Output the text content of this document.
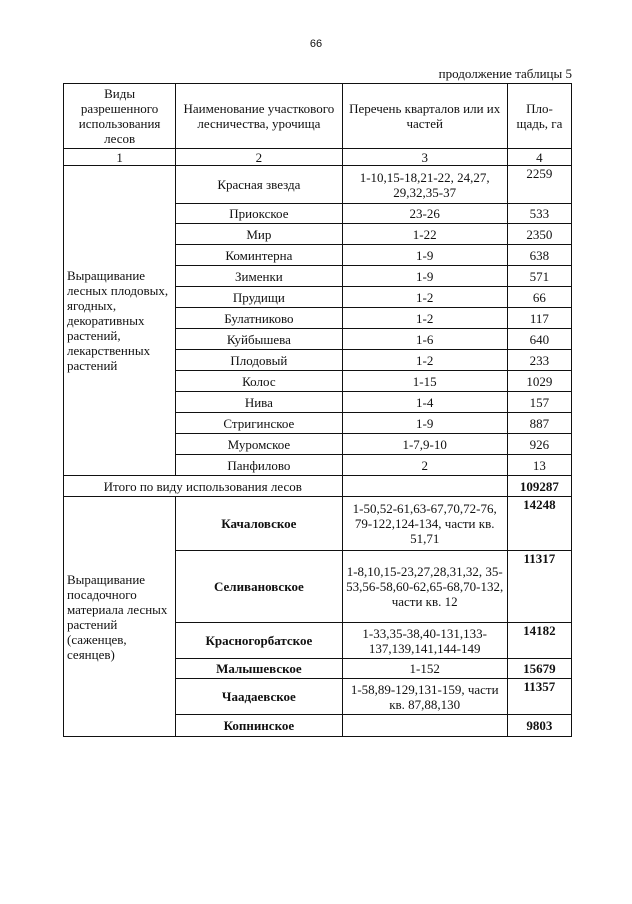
66
продолжение таблицы 5
Виды разрешенного использования лесов	Наименование участкового лесничества, урочища	Перечень кварталов или их частей	Пло-щадь, га
1	2	3	4
Выращивание лесных плодовых, ягодных, декоративных растений, лекарственных растений	Красная звезда	1-10,15-18,21-22, 24,27, 29,32,35-37	2259
	Приокское	23-26	533
	Мир	1-22	2350
	Коминтерна	1-9	638
	Зименки	1-9	571
	Прудищи	1-2	66
	Булатниково	1-2	117
	Куйбышева	1-6	640
	Плодовый	1-2	233
	Колос	1-15	1029
	Нива	1-4	157
	Стригинское	1-9	887
	Муромское	1-7,9-10	926
	Панфилово	2	13
Итого по виду использования лесов			109287
Выращивание посадочного материала лесных растений (саженцев, сеянцев)	Качаловское	1-50,52-61,63-67,70,72-76, 79-122,124-134, части кв. 51,71	14248
	Селивановское	1-8,10,15-23,27,28,31,32, 35-53,56-58,60-62,65-68,70-132, части кв. 12	11317
	Красногорбатское	1-33,35-38,40-131,133-137,139,141,144-149	14182
	Малышевское	1-152	15679
	Чаадаевское	1-58,89-129,131-159, части кв. 87,88,130	11357
	Копнинское		9803
